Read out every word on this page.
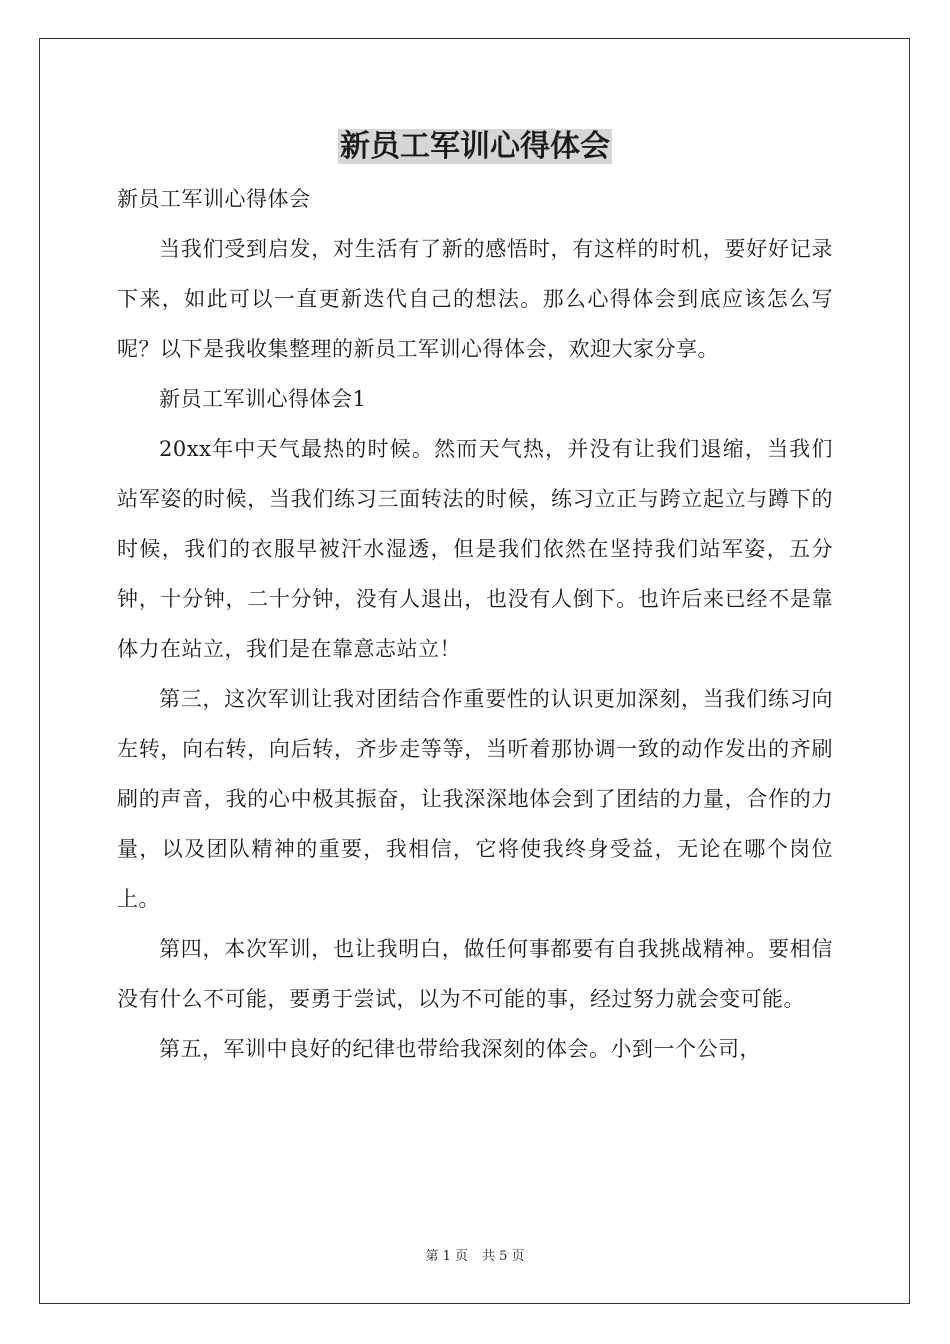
新员工军训心得体会

新员工军训心得体会

当我们受到启发，对生活有了新的感悟时，有这样的时机，要好好记录下来，如此可以一直更新迭代自己的想法。那么心得体会到底应该怎么写呢？以下是我收集整理的新员工军训心得体会，欢迎大家分享。

新员工军训心得体会1

20xx年中天气最热的时候。然而天气热，并没有让我们退缩，当我们站军姿的时候，当我们练习三面转法的时候，练习立正与跨立起立与蹲下的时候，我们的衣服早被汗水湿透，但是我们依然在坚持我们站军姿，五分钟，十分钟，二十分钟，没有人退出，也没有人倒下。也许后来已经不是靠体力在站立，我们是在靠意志站立！

第三，这次军训让我对团结合作重要性的认识更加深刻，当我们练习向左转，向右转，向后转，齐步走等等，当听着那协调一致的动作发出的齐刷刷的声音，我的心中极其振奋，让我深深地体会到了团结的力量，合作的力量，以及团队精神的重要，我相信，它将使我终身受益，无论在哪个岗位上。

第四，本次军训，也让我明白，做任何事都要有自我挑战精神。要相信没有什么不可能，要勇于尝试，以为不可能的事，经过努力就会变可能。

第五，军训中良好的纪律也带给我深刻的体会。小到一个公司，

第 1 页 共 5 页
